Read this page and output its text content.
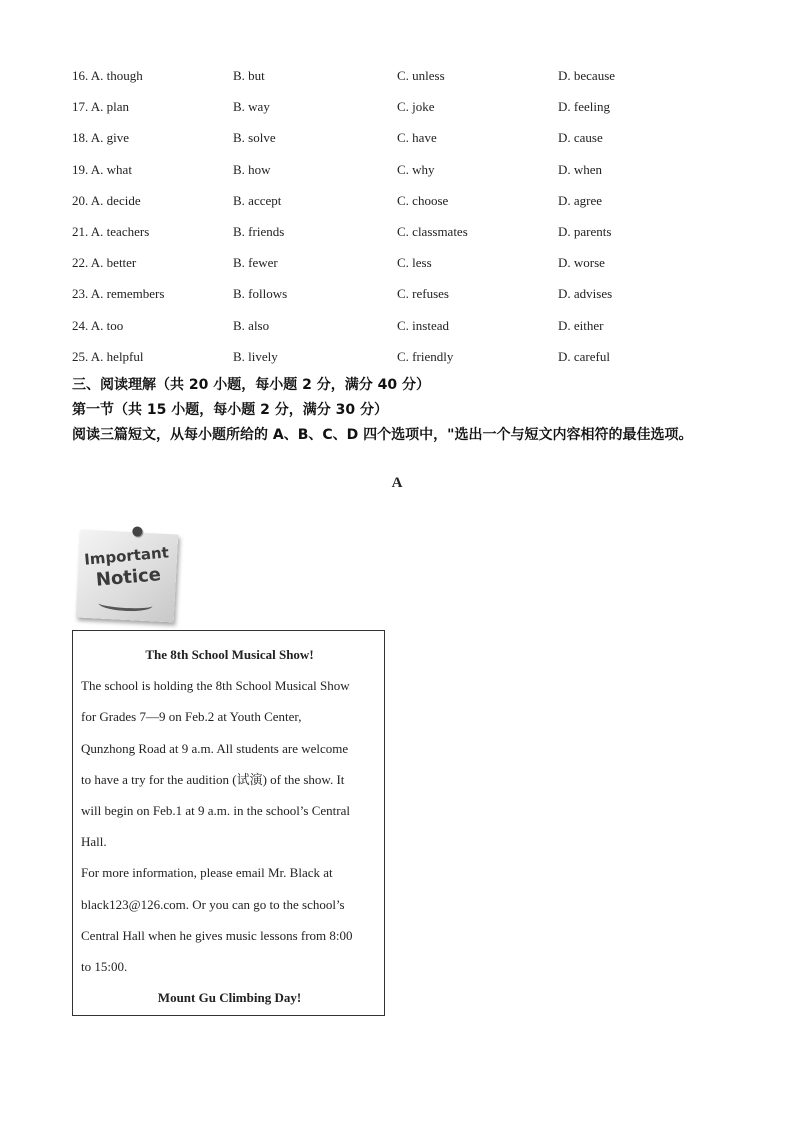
16. A. though	B. but	C. unless	D. because
17. A. plan	B. way	C. joke	D. feeling
18. A. give	B. solve	C. have	D. cause
19. A. what	B. how	C. why	D. when
20. A. decide	B. accept	C. choose	D. agree
21. A. teachers	B. friends	C. classmates	D. parents
22. A. better	B. fewer	C. less	D. worse
23. A. remembers	B. follows	C. refuses	D. advises
24. A. too	B. also	C. instead	D. either
25. A. helpful	B. lively	C. friendly	D. careful
三、阅读理解（共 20 小题，每小题 2 分，满分 40 分）
第一节（共 15 小题，每小题 2 分，满分 30 分）
阅读三篇短文，从每小题所给的 A、B、C、D 四个选项中，"选出一个与短文内容相符的最佳选项。
A
Important
Notice
The 8th School Musical Show!
The school is holding the 8th School Musical Show
for Grades 7—9 on Feb.2 at Youth Center,
Qunzhong Road at 9 a.m. All students are welcome
to have a try for the audition (试演) of the show. It
will begin on Feb.1 at 9 a.m. in the school’s Central
Hall.
For more information, please email Mr. Black at
black123@126.com. Or you can go to the school’s
Central Hall when he gives music lessons from 8:00
to 15:00.
Mount Gu Climbing Day!
